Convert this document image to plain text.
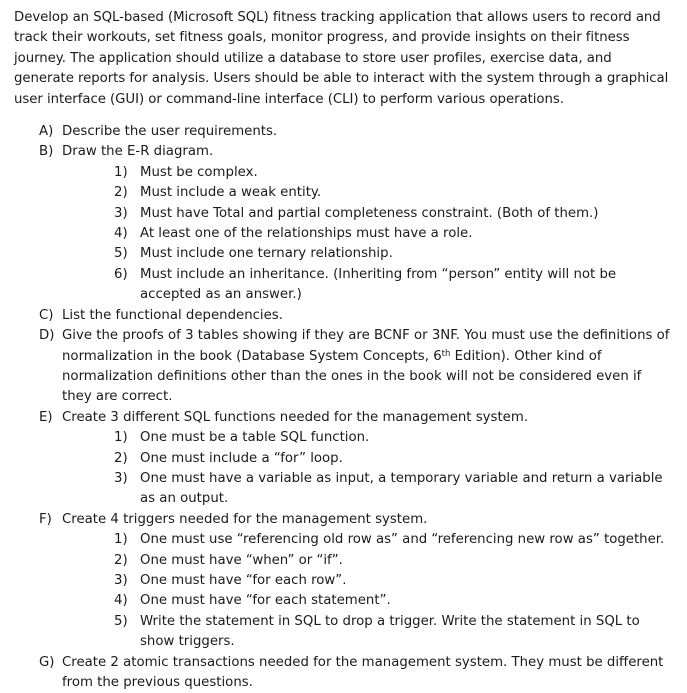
Develop an SQL-based (Microsoft SQL) fitness tracking application that allows users to record and track their workouts, set fitness goals, monitor progress, and provide insights on their fitness journey. The application should utilize a database to store user profiles, exercise data, and generate reports for analysis. Users should be able to interact with the system through a graphical user interface (GUI) or command-line interface (CLI) to perform various operations.

A) Describe the user requirements.
B) Draw the E-R diagram.
1) Must be complex.
2) Must include a weak entity.
3) Must have Total and partial completeness constraint. (Both of them.)
4) At least one of the relationships must have a role.
5) Must include one ternary relationship.
6) Must include an inheritance. (Inheriting from “person” entity will not be accepted as an answer.)
C) List the functional dependencies.
D) Give the proofs of 3 tables showing if they are BCNF or 3NF. You must use the definitions of normalization in the book (Database System Concepts, 6th Edition). Other kind of normalization definitions other than the ones in the book will not be considered even if they are correct.
E) Create 3 different SQL functions needed for the management system.
1) One must be a table SQL function.
2) One must include a “for” loop.
3) One must have a variable as input, a temporary variable and return a variable as an output.
F) Create 4 triggers needed for the management system.
1) One must use “referencing old row as” and “referencing new row as” together.
2) One must have “when” or “if”.
3) One must have “for each row”.
4) One must have “for each statement”.
5) Write the statement in SQL to drop a trigger. Write the statement in SQL to show triggers.
G) Create 2 atomic transactions needed for the management system. They must be different from the previous questions.
